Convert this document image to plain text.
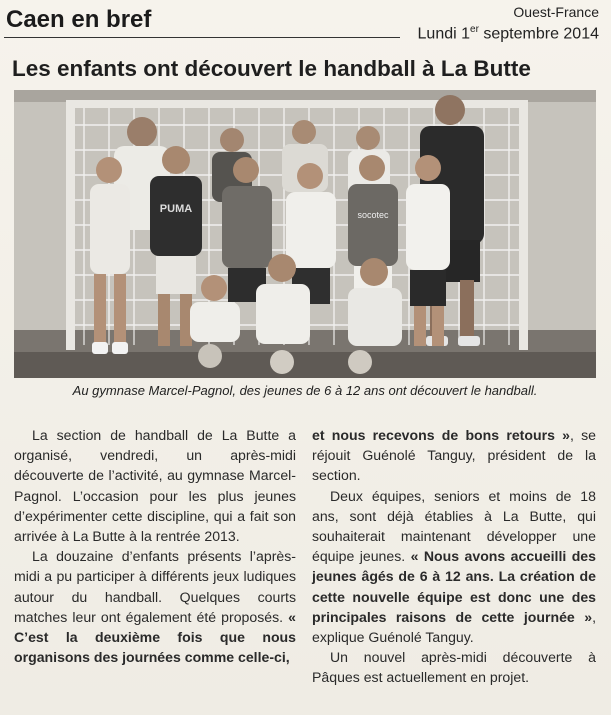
Caen en bref	Ouest-France
Lundi 1er septembre 2014
Les enfants ont découvert le handball à La Butte
PUMA	socotec
Au gymnase Marcel-Pagnol, des jeunes de 6 à 12 ans ont découvert le handball.

La section de handball de La Butte a organisé, vendredi, un après-midi découverte de l’activité, au gymnase Marcel-Pagnol. L’occasion pour les plus jeunes d’expérimenter cette discipline, qui a fait son arrivée à La Butte à la rentrée 2013.

La douzaine d’enfants présents l’après-midi a pu participer à différents jeux ludiques autour du handball. Quelques courts matches leur ont également été proposés. « C’est la deuxième fois que nous organisons des journées comme celle-ci,

et nous recevons de bons retours », se réjouit Guénolé Tanguy, président de la section.

Deux équipes, seniors et moins de 18 ans, sont déjà établies à La Butte, qui souhaiterait maintenant développer une équipe jeunes. « Nous avons accueilli des jeunes âgés de 6 à 12 ans. La création de cette nouvelle équipe est donc une des principales raisons de cette journée », explique Guénolé Tanguy.

Un nouvel après-midi découverte à Pâques est actuellement en projet.
